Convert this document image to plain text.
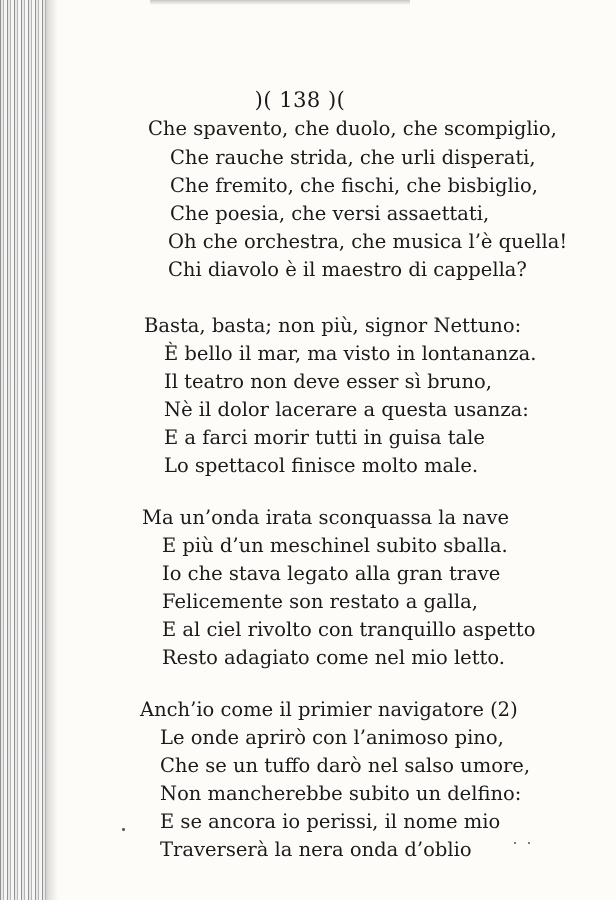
)( 138 )(
Che spavento, che duolo, che scompiglio,
Che rauche strida, che urli disperati,
Che fremito, che fischi, che bisbiglio,
Che poesia, che versi assaettati,
Oh che orchestra, che musica l’è quella!
Chi diavolo è il maestro di cappella?
Basta, basta; non più, signor Nettuno:
È bello il mar, ma visto in lontananza.
Il teatro non deve esser sì bruno,
Nè il dolor lacerare a questa usanza:
E a farci morir tutti in guisa tale
Lo spettacol finisce molto male.
Ma un’onda irata sconquassa la nave
E più d’un meschinel subito sballa.
Io che stava legato alla gran trave
Felicemente son restato a galla,
E al ciel rivolto con tranquillo aspetto
Resto adagiato come nel mio letto.
Anch’io come il primier navigatore (2)
Le onde aprirò con l’animoso pino,
Che se un tuffo darò nel salso umore,
Non mancherebbe subito un delfino:
E se ancora io perissi, il nome mio
Traverserà la nera onda d’oblio
